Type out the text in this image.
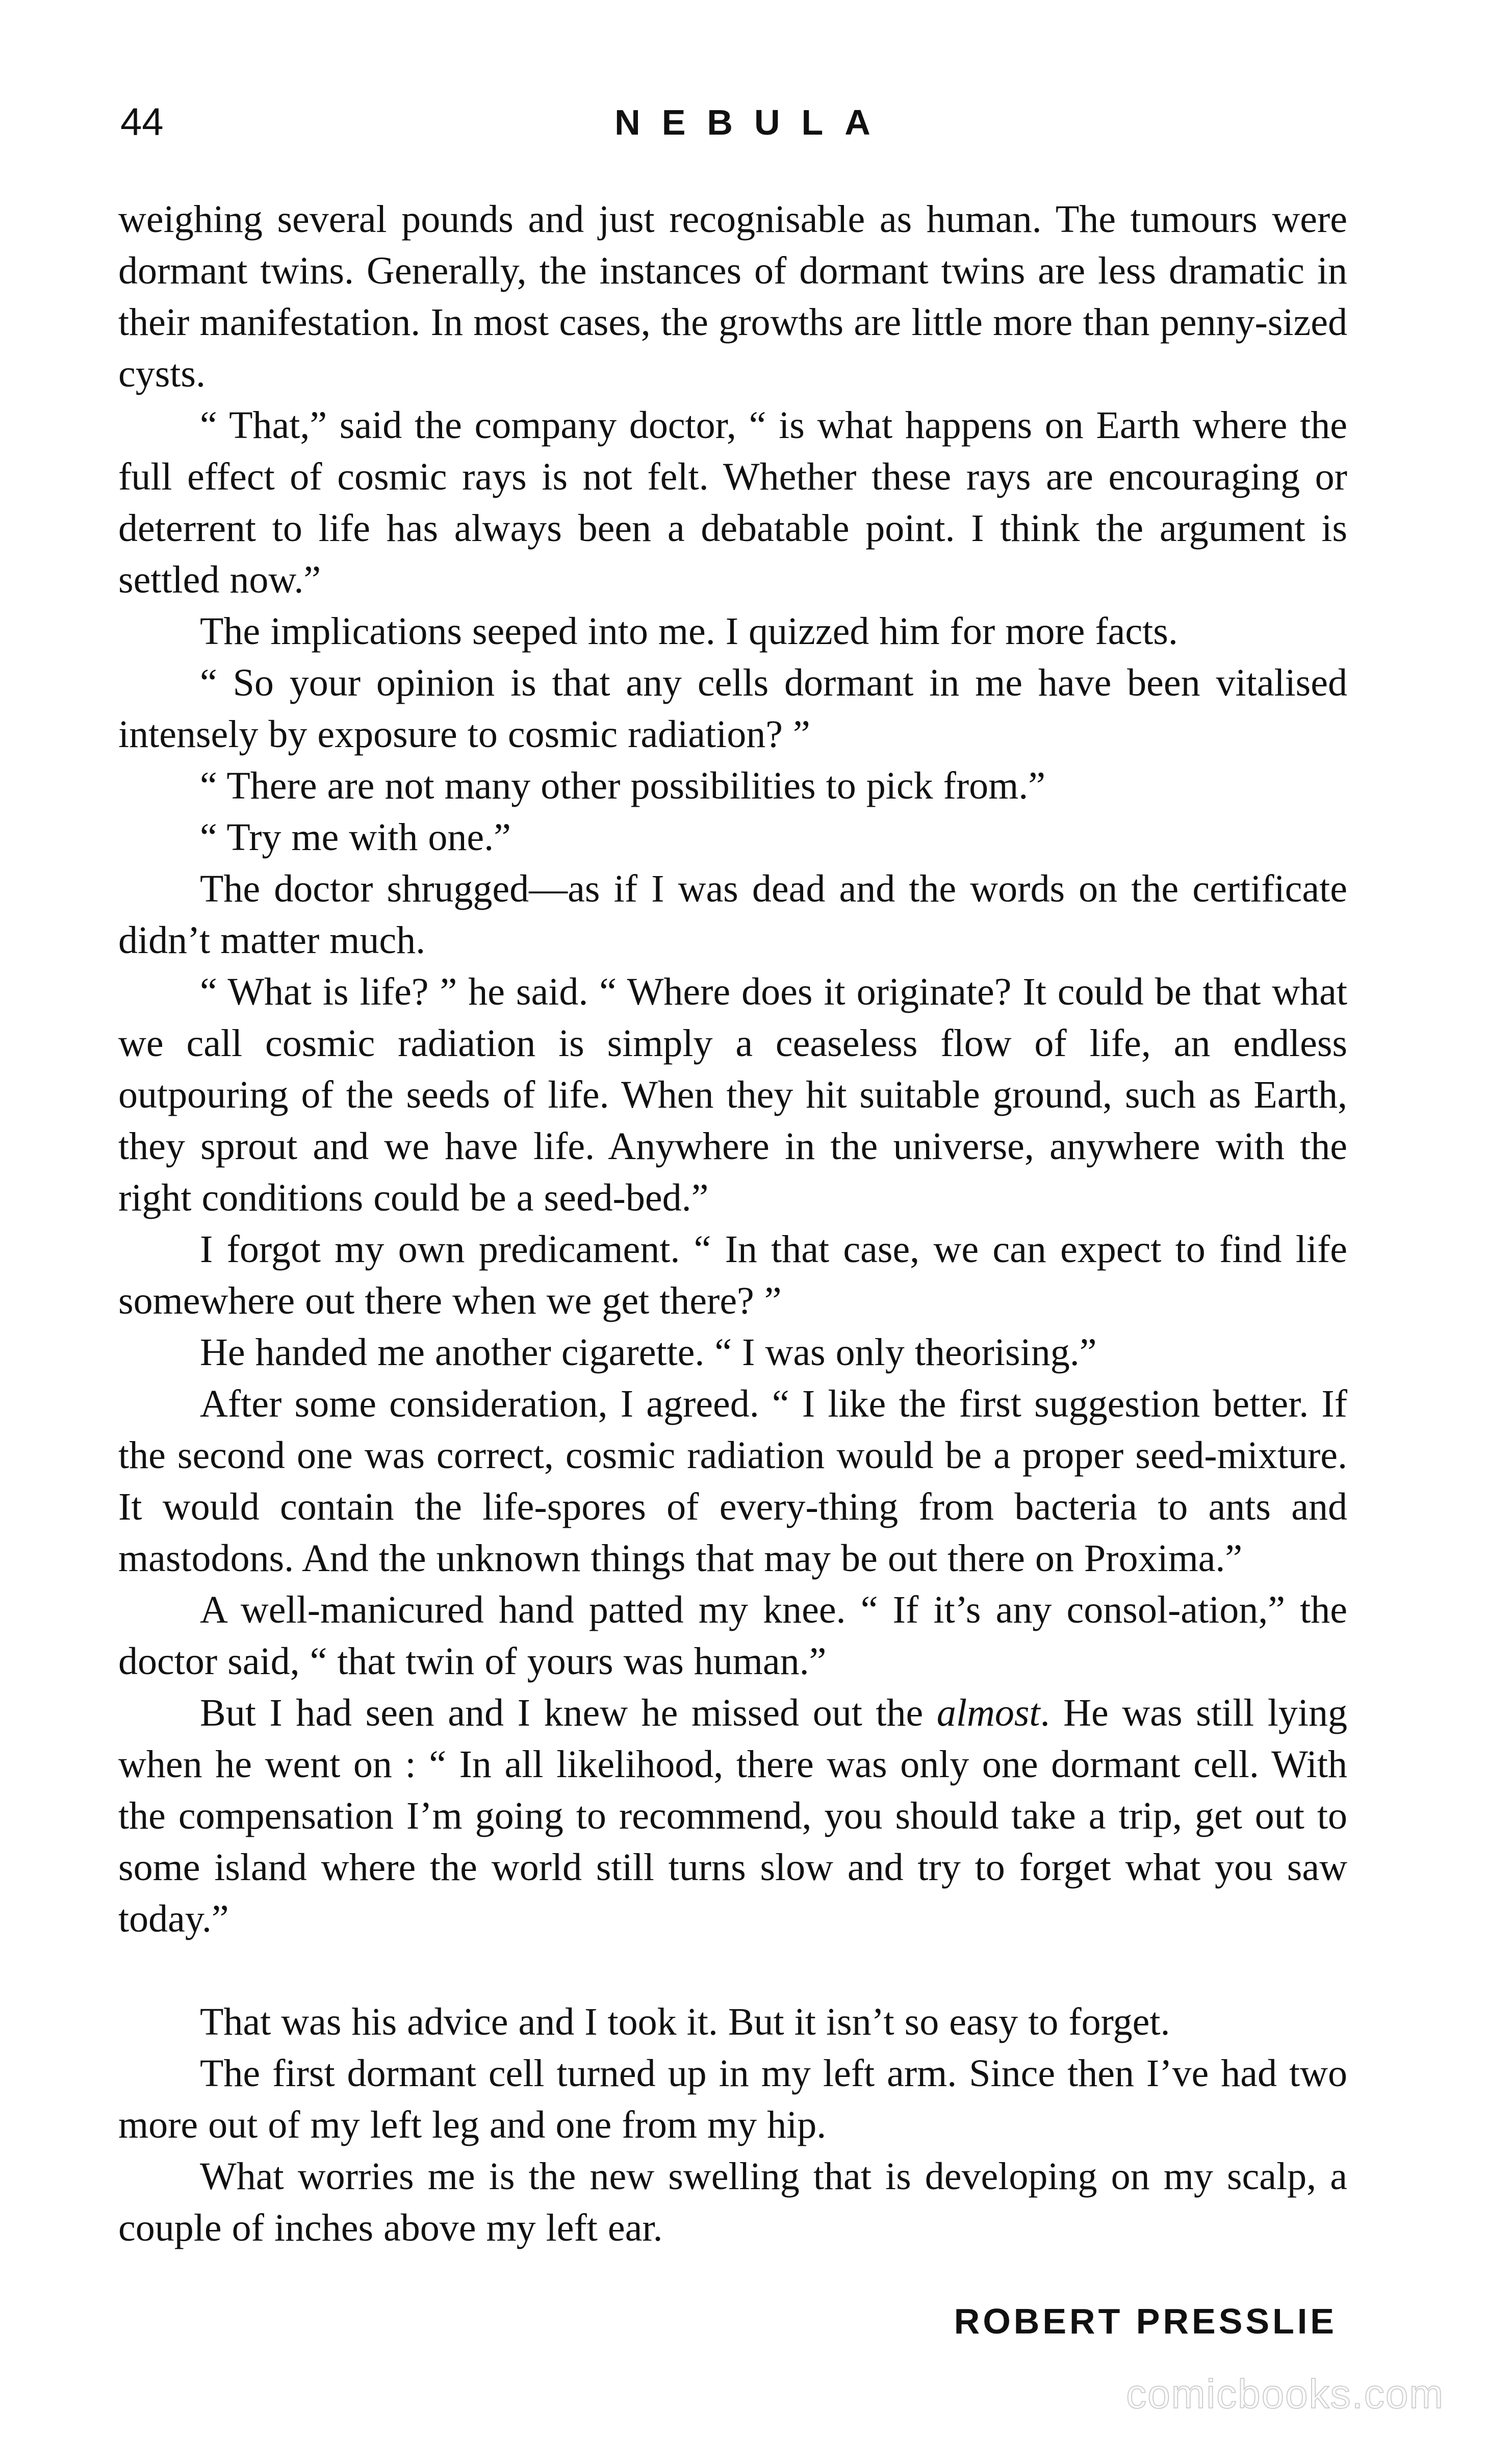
44	NEBULA

weighing several pounds and just recognisable as human. The tumours were dormant twins. Generally, the instances of dormant twins are less dramatic in their manifestation. In most cases, the growths are little more than penny-sized cysts.

“ That,” said the company doctor, “ is what happens on Earth where the full effect of cosmic rays is not felt. Whether these rays are encouraging or deterrent to life has always been a debatable point. I think the argument is settled now.”

The implications seeped into me. I quizzed him for more facts.

“ So your opinion is that any cells dormant in me have been vitalised intensely by exposure to cosmic radiation? ”

“ There are not many other possibilities to pick from.”

“ Try me with one.”

The doctor shrugged—as if I was dead and the words on the certificate didn’t matter much.

“ What is life? ” he said. “ Where does it originate? It could be that what we call cosmic radiation is simply a ceaseless flow of life, an endless outpouring of the seeds of life. When they hit suitable ground, such as Earth, they sprout and we have life. Anywhere in the universe, anywhere with the right conditions could be a seed-bed.”

I forgot my own predicament. “ In that case, we can expect to find life somewhere out there when we get there? ”

He handed me another cigarette. “ I was only theorising.”

After some consideration, I agreed. “ I like the first suggestion better. If the second one was correct, cosmic radiation would be a proper seed-mixture. It would contain the life-spores of every-thing from bacteria to ants and mastodons. And the unknown things that may be out there on Proxima.”

A well-manicured hand patted my knee. “ If it’s any consol-ation,” the doctor said, “ that twin of yours was human.”

But I had seen and I knew he missed out the almost. He was still lying when he went on : “ In all likelihood, there was only one dormant cell. With the compensation I’m going to recommend, you should take a trip, get out to some island where the world still turns slow and try to forget what you saw today.”

That was his advice and I took it. But it isn’t so easy to forget.

The first dormant cell turned up in my left arm. Since then I’ve had two more out of my left leg and one from my hip.

What worries me is the new swelling that is developing on my scalp, a couple of inches above my left ear.

ROBERT PRESSLIE
comicbooks.com
